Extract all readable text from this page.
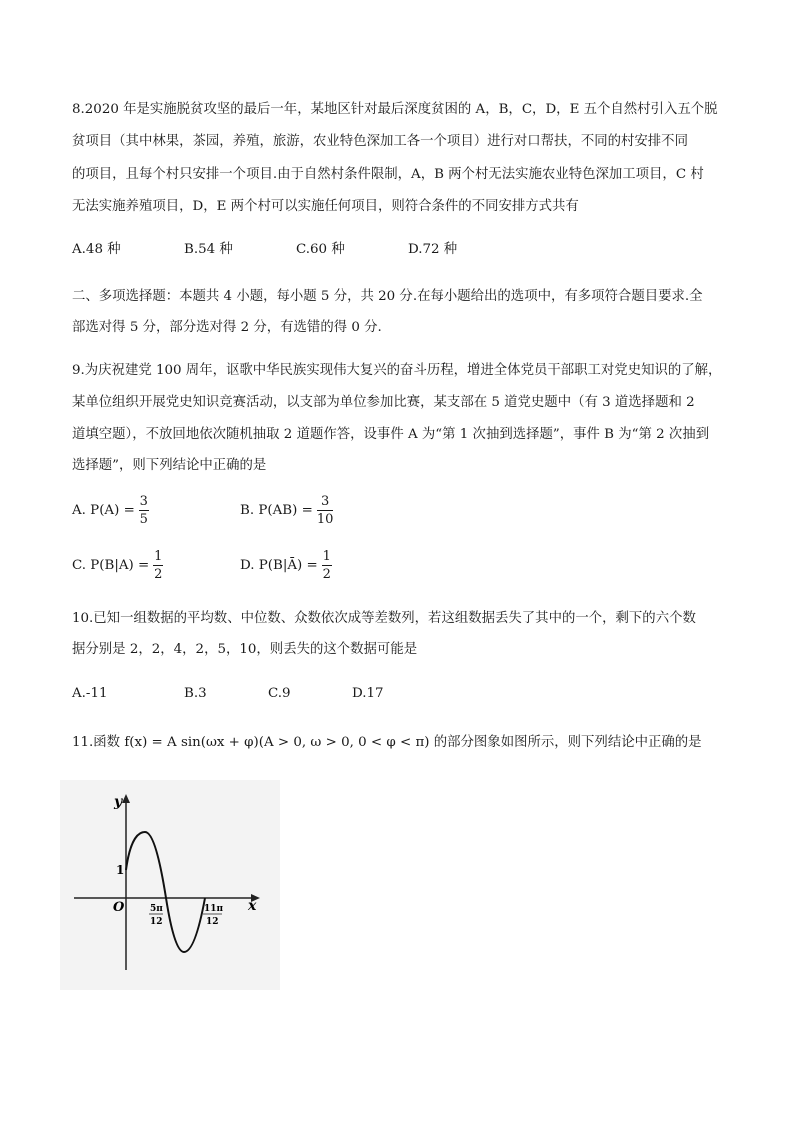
8.2020 年是实施脱贫攻坚的最后一年，某地区针对最后深度贫困的 A，B，C，D，E 五个自然村引入五个脱
贫项目（其中林果，茶园，养殖，旅游，农业特色深加工各一个项目）进行对口帮扶，不同的村安排不同
的项目，且每个村只安排一个项目.由于自然村条件限制，A，B 两个村无法实施农业特色深加工项目，C 村
无法实施养殖项目，D，E 两个村可以实施任何项目，则符合条件的不同安排方式共有
A.48 种	B.54 种	C.60 种	D.72 种
二、多项选择题：本题共 4 小题，每小题 5 分，共 20 分.在每小题给出的选项中，有多项符合题目要求.全
部选对得 5 分，部分选对得 2 分，有选错的得 0 分.
9.为庆祝建党 100 周年，讴歌中华民族实现伟大复兴的奋斗历程，增进全体党员干部职工对党史知识的了解，
某单位组织开展党史知识竞赛活动，以支部为单位参加比赛，某支部在 5 道党史题中（有 3 道选择题和 2
道填空题），不放回地依次随机抽取 2 道题作答，设事件 A 为“第 1 次抽到选择题”，事件 B 为“第 2 次抽到
选择题”，则下列结论中正确的是
A. $P(A) = \frac{3}{5}$	B. $P(AB) = \frac{3}{10}$
C. $P(B|A) = \frac{1}{2}$	D. P(B|Ā) = $\frac{1}{2}$
10.已知一组数据的平均数、中位数、众数依次成等差数列，若这组数据丢失了其中的一个，剩下的六个数
据分别是 2，2，4，2，5，10，则丢失的这个数据可能是
A.-11	B.3	C.9	D.17
11.函数 f(x) = A sin(ωx + φ)(A > 0, ω > 0, 0 < φ < π) 的部分图象如图所示，则下列结论中正确的是
y
x
O
1
5π
12
11π
12
